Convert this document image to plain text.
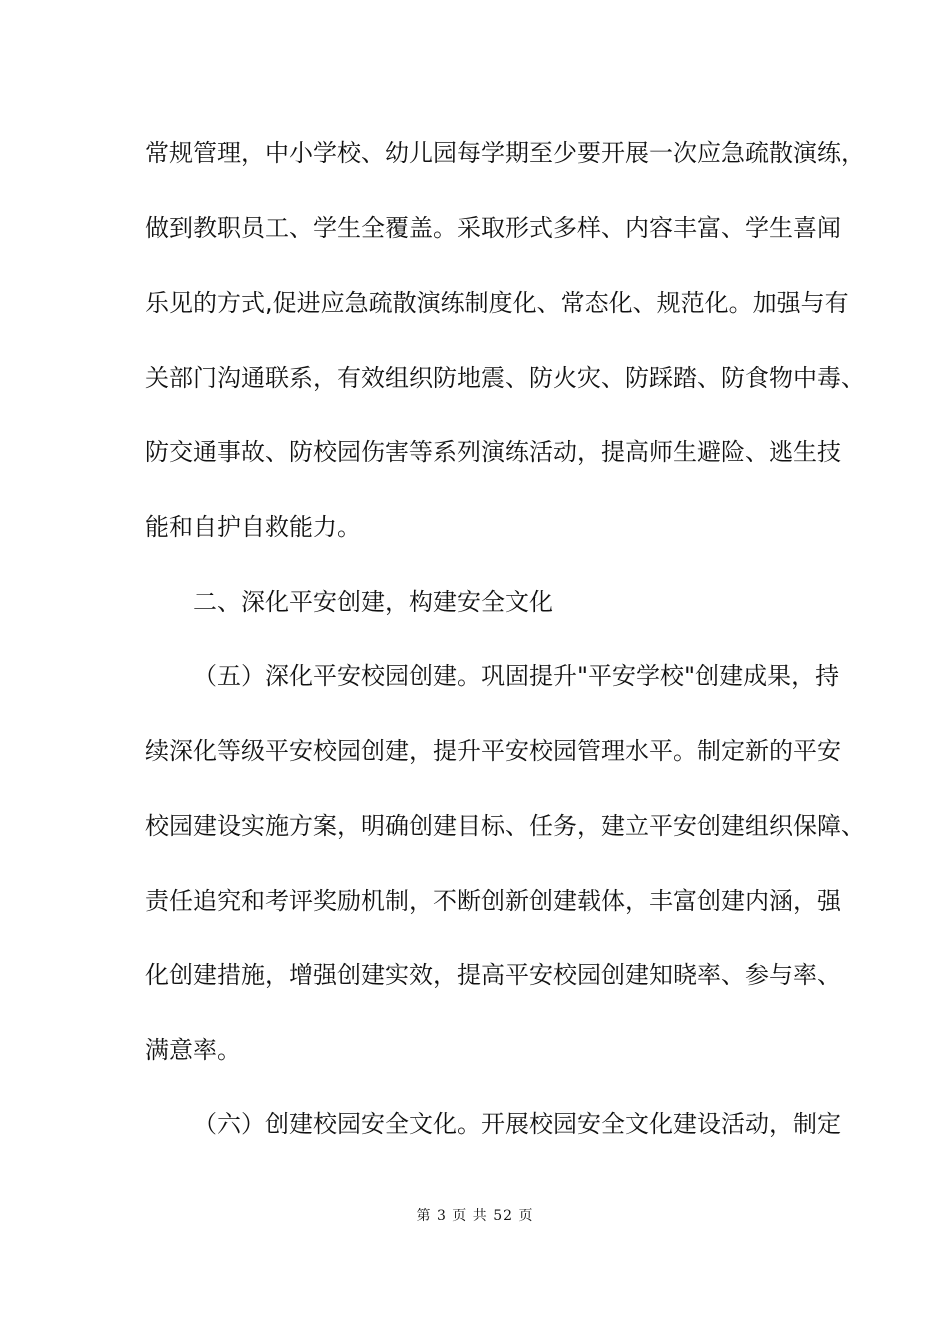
常规管理，中小学校、幼儿园每学期至少要开展一次应急疏散演练，
做到教职员工、学生全覆盖。采取形式多样、内容丰富、学生喜闻
乐见的方式,促进应急疏散演练制度化、常态化、规范化。加强与有
关部门沟通联系，有效组织防地震、防火灾、防踩踏、防食物中毒、
防交通事故、防校园伤害等系列演练活动，提高师生避险、逃生技
能和自护自救能力。
二、深化平安创建，构建安全文化
（五）深化平安校园创建。巩固提升"平安学校"创建成果，持
续深化等级平安校园创建，提升平安校园管理水平。制定新的平安
校园建设实施方案，明确创建目标、任务，建立平安创建组织保障、
责任追究和考评奖励机制，不断创新创建载体，丰富创建内涵，强
化创建措施，增强创建实效，提高平安校园创建知晓率、参与率、
满意率。
（六）创建校园安全文化。开展校园安全文化建设活动，制定
第 3 页 共 52 页
